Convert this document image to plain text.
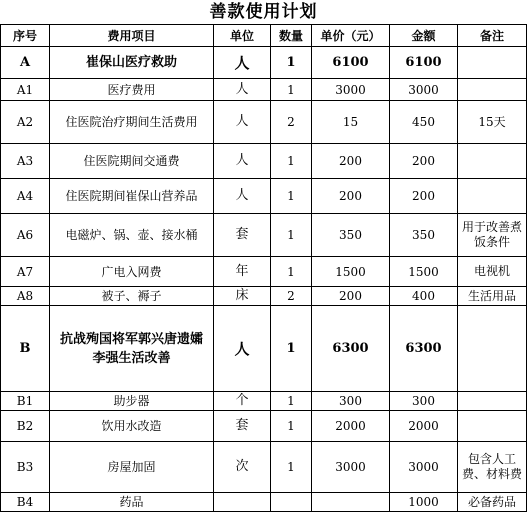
善款使用计划
序号	费用项目	单位	数量	单价（元）	金额	备注
A	崔保山医疗救助	人	1	6100	6100	
A1	医疗费用	人	1	3000	3000	
A2	住医院治疗期间生活费用	人	2	15	450	15天
A3	住医院期间交通费	人	1	200	200	
A4	住医院期间崔保山营养品	人	1	200	200	
A6	电磁炉、锅、壶、接水桶	套	1	350	350	用于改善煮饭条件
A7	广电入网费	年	1	1500	1500	电视机
A8	被子、褥子	床	2	200	400	生活用品
B	抗战殉国将军郭兴唐遗孀李强生活改善	人	1	6300	6300	
B1	助步器	个	1	300	300	
B2	饮用水改造	套	1	2000	2000	
B3	房屋加固	次	1	3000	3000	包含人工费、材料费
B4	药品				1000	必备药品
